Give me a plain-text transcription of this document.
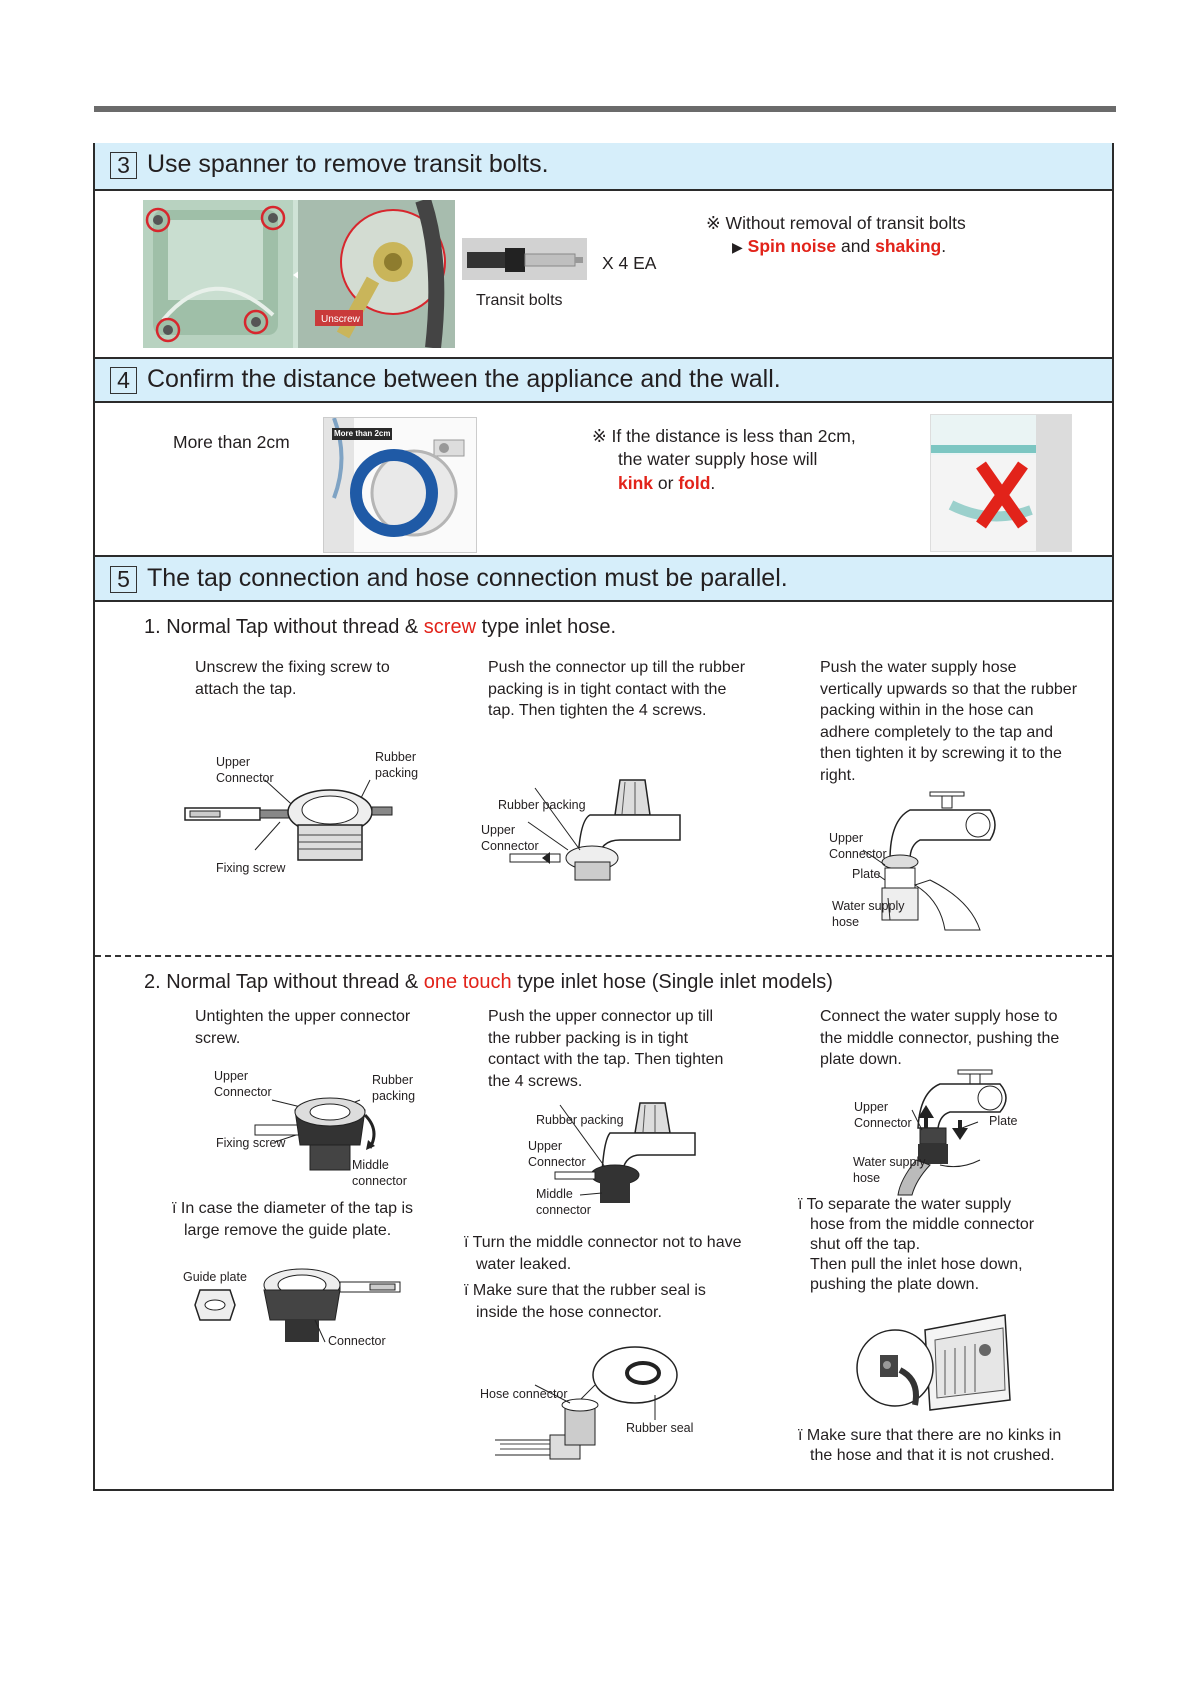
3 Use spanner to remove transit bolts.
Unscrew
X 4 EA
Transit bolts
※ Without removal of transit bolts
▶ Spin noise and shaking.
4 Confirm the distance between the appliance and the wall.
More than 2cm	More than 2cm	※ If the distance is less than 2cm,
the water supply hose will
kink or fold.
5 The tap connection and hose connection must be parallel.
1. Normal Tap without thread & screw type inlet hose.
Unscrew the fixing screw to attach the tap.
Push the connector up till the rubber packing is in tight contact with the tap. Then tighten the 4 screws.
Push the water supply hose vertically upwards so that the rubber packing within in the hose can adhere completely to the tap and then tighten it by screwing it to the right.
Upper
Connector
Rubber
packing
Fixing screw
Rubber packing
Upper
Connector
Upper
Connector
Plate
Water supply
hose
2. Normal Tap without thread & one touch type inlet hose (Single inlet models)
Untighten the upper connector screw.
Push the upper connector up till the rubber packing is in tight contact with the tap. Then tighten the 4 screws.
Connect the water supply hose to the middle connector, pushing the plate down.
Upper
Connector
Rubber
packing
Fixing screw
Middle
connector
ï In case the diameter of the tap is large remove the guide plate.
Guide plate
Connector
Rubber packing
Upper
Connector
Middle
connector
ï Turn the middle connector not to have water leaked.
ï Make sure that the rubber seal is inside the hose connector.
Hose connector
Rubber seal
Upper
Connector	Plate
Water supply
hose
ï To separate the water supply
hose from the middle connector
shut off the tap.
Then pull the inlet hose down,
pushing the plate down.
ï Make sure that there are no kinks in the hose and that it is not crushed.
